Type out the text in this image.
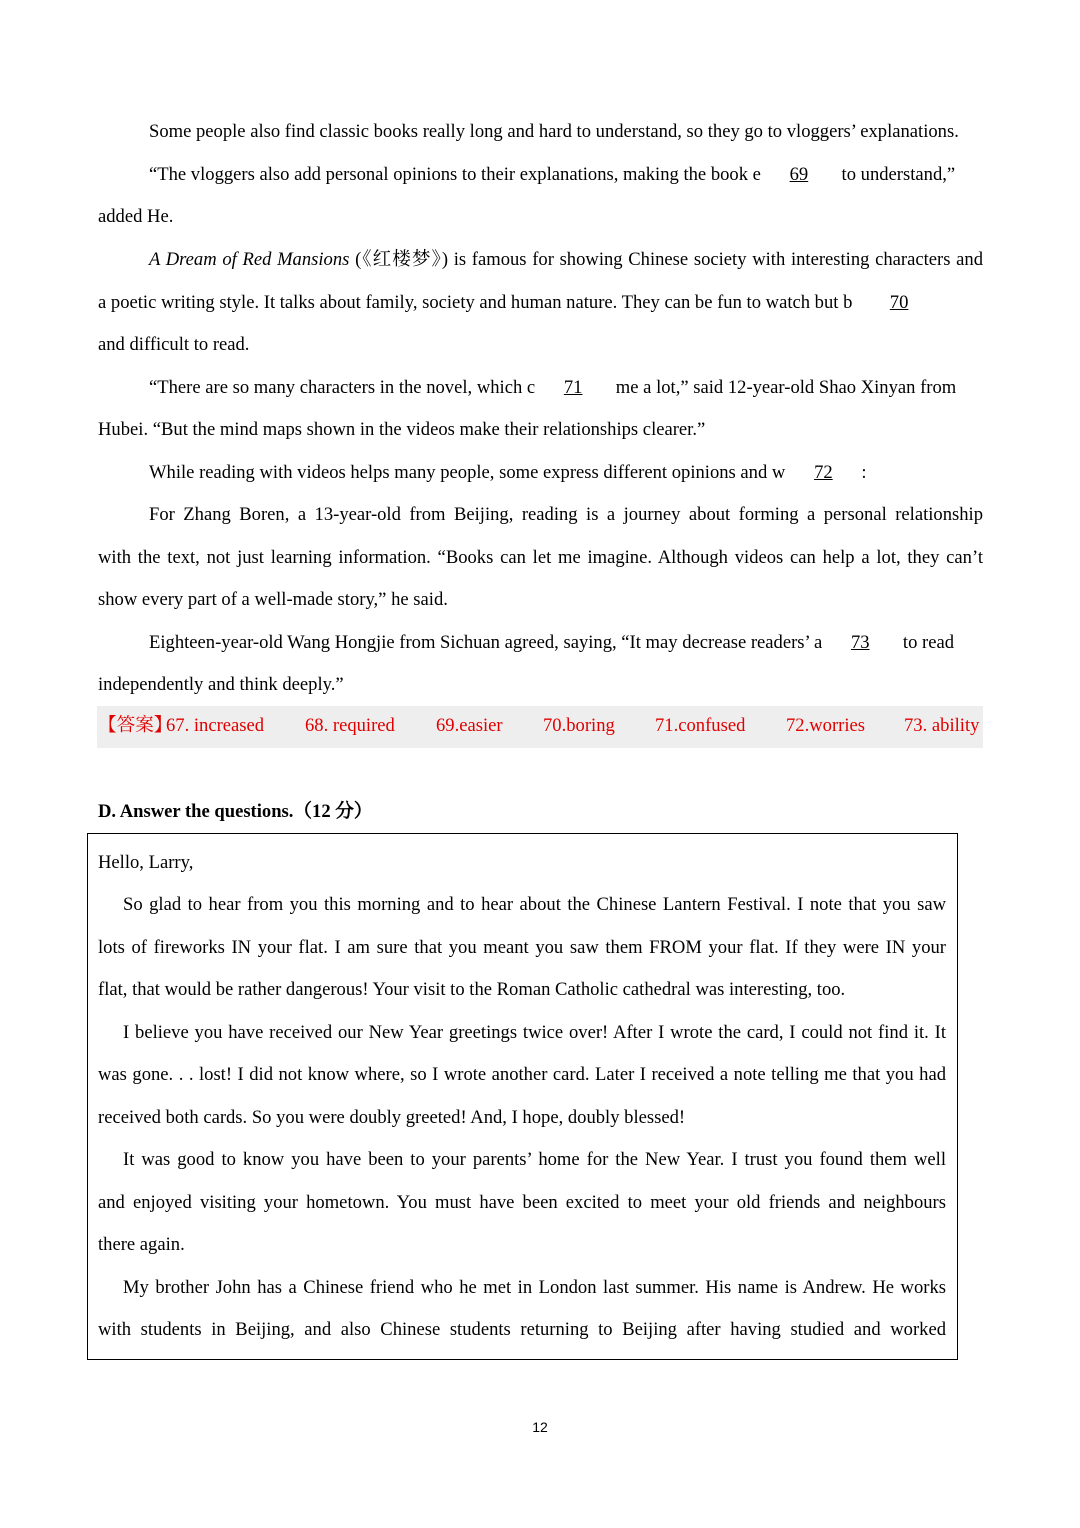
Some people also find classic books really long and hard to understand, so they go to vloggers’ explanations.
“The vloggers also add personal opinions to their explanations, making the book e 69 to understand,”
added He.
A Dream of Red Mansions (《红楼梦》) is famous for showing Chinese society with interesting characters and
a poetic writing style. It talks about family, society and human nature. They can be fun to watch but b 70
and difficult to read.
“There are so many characters in the novel, which c 71 me a lot,” said 12-year-old Shao Xinyan from
Hubei. “But the mind maps shown in the videos make their relationships clearer.”
While reading with videos helps many people, some express different opinions and w 72 :
For Zhang Boren, a 13-year-old from Beijing, reading is a journey about forming a personal relationship
with the text, not just learning information. “Books can let me imagine. Although videos can help a lot, they can’t
show every part of a well-made story,” he said.
Eighteen-year-old Wang Hongjie from Sichuan agreed, saying, “It may decrease readers’ a 73 to read
independently and think deeply.”
【答案】
67. increased 68. required 69.easier 70.boring 71.confused 72.worries 73. ability
D. Answer the questions.（12 分）
Hello, Larry,
So glad to hear from you this morning and to hear about the Chinese Lantern Festival. I note that you saw
lots of fireworks IN your flat. I am sure that you meant you saw them FROM your flat. If they were IN your
flat, that would be rather dangerous! Your visit to the Roman Catholic cathedral was interesting, too.
I believe you have received our New Year greetings twice over! After I wrote the card, I could not find it. It
was gone. . . lost! I did not know where, so I wrote another card. Later I received a note telling me that you had
received both cards. So you were doubly greeted! And, I hope, doubly blessed!
It was good to know you have been to your parents’ home for the New Year. I trust you found them well
and enjoyed visiting your hometown. You must have been excited to meet your old friends and neighbours
there again.
My brother John has a Chinese friend who he met in London last summer. His name is Andrew. He works
with students in Beijing, and also Chinese students returning to Beijing after having studied and worked
12
